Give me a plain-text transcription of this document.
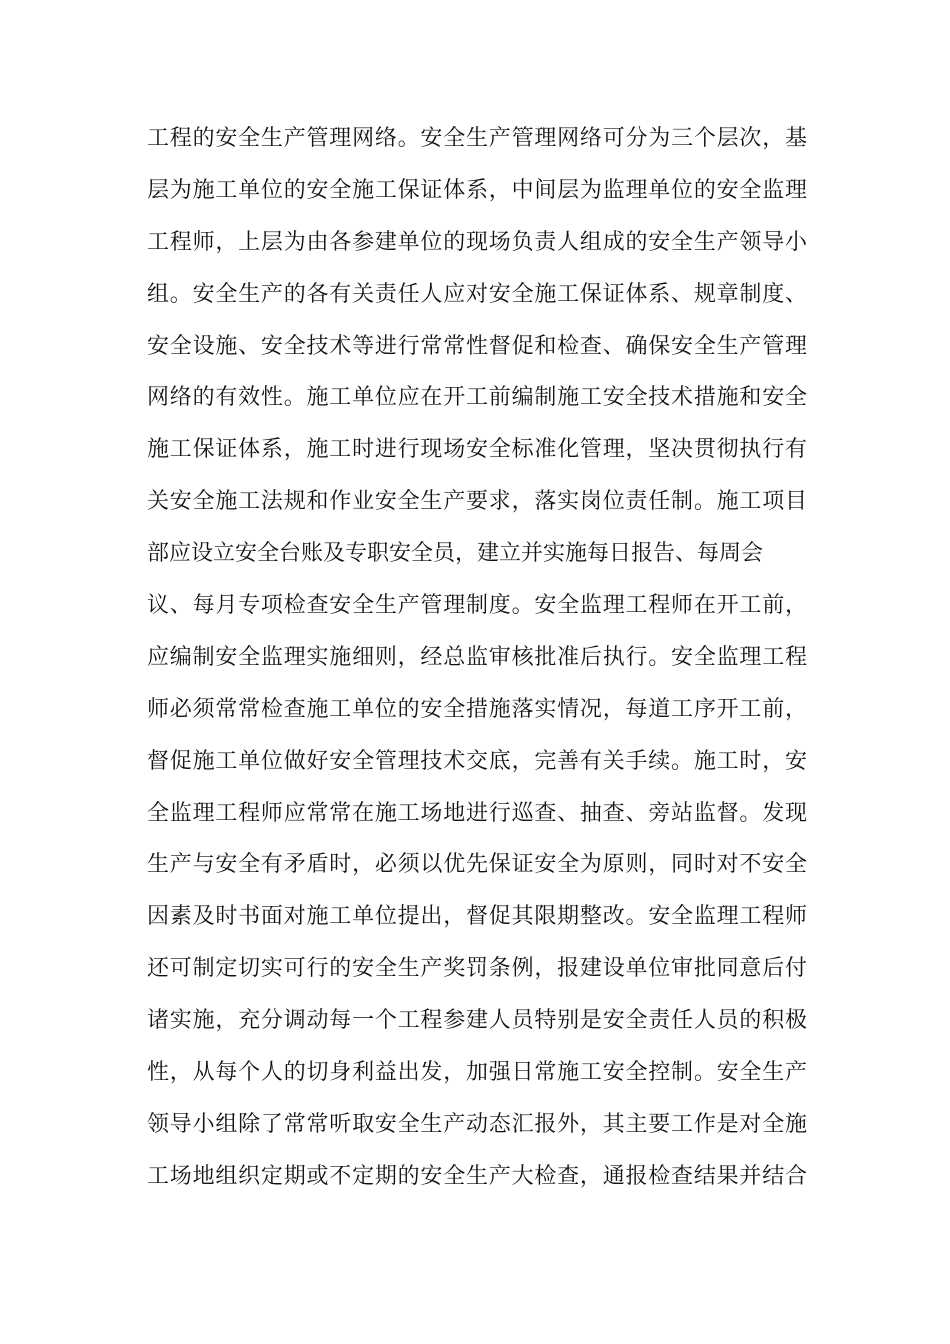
工程的安全生产管理网络。安全生产管理网络可分为三个层次，基
层为施工单位的安全施工保证体系，中间层为监理单位的安全监理
工程师，上层为由各参建单位的现场负责人组成的安全生产领导小
组。安全生产的各有关责任人应对安全施工保证体系、规章制度、
安全设施、安全技术等进行常常性督促和检查、确保安全生产管理
网络的有效性。施工单位应在开工前编制施工安全技术措施和安全
施工保证体系，施工时进行现场安全标准化管理，坚决贯彻执行有
关安全施工法规和作业安全生产要求，落实岗位责任制。施工项目
部应设立安全台账及专职安全员，建立并实施每日报告、每周会
议、每月专项检查安全生产管理制度。安全监理工程师在开工前，
应编制安全监理实施细则，经总监审核批准后执行。安全监理工程
师必须常常检查施工单位的安全措施落实情况，每道工序开工前，
督促施工单位做好安全管理技术交底，完善有关手续。施工时，安
全监理工程师应常常在施工场地进行巡查、抽查、旁站监督。发现
生产与安全有矛盾时，必须以优先保证安全为原则，同时对不安全
因素及时书面对施工单位提出，督促其限期整改。安全监理工程师
还可制定切实可行的安全生产奖罚条例，报建设单位审批同意后付
诸实施，充分调动每一个工程参建人员特别是安全责任人员的积极
性，从每个人的切身利益出发，加强日常施工安全控制。安全生产
领导小组除了常常听取安全生产动态汇报外，其主要工作是对全施
工场地组织定期或不定期的安全生产大检查，通报检查结果并结合
